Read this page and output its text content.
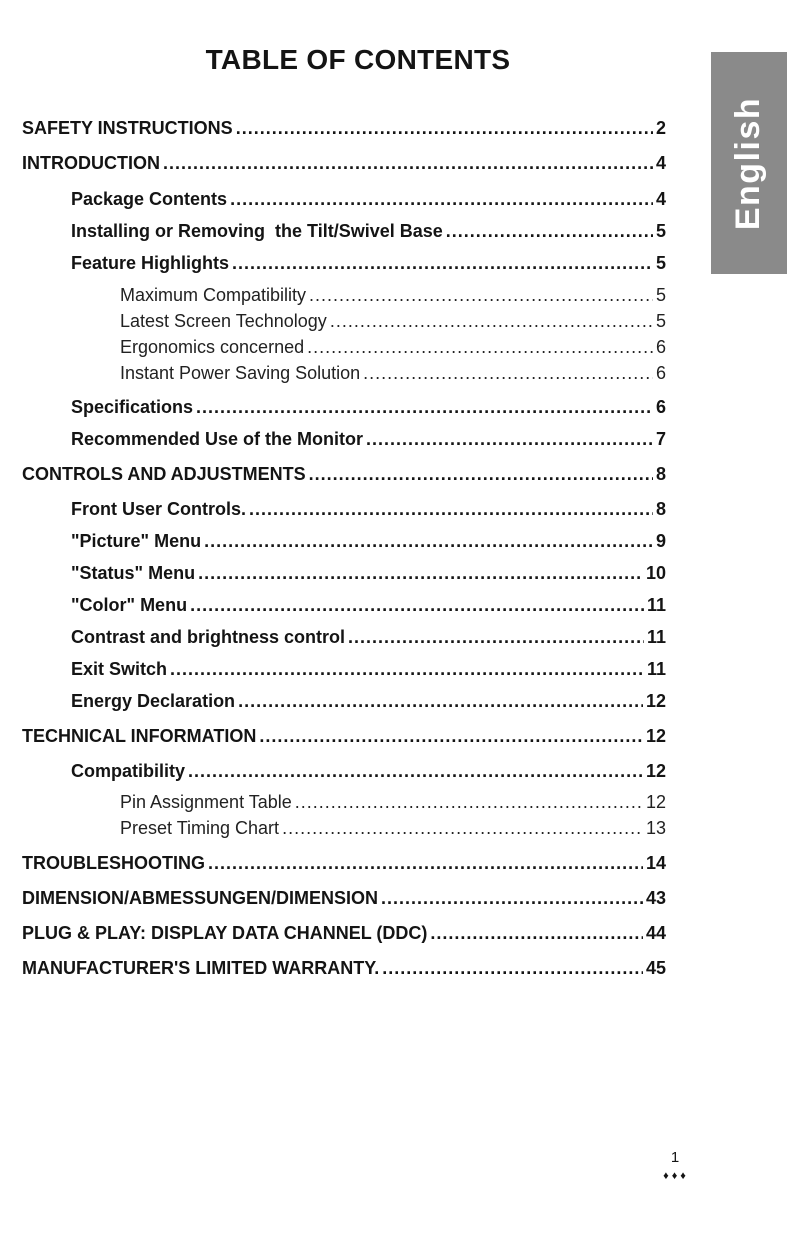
TABLE OF CONTENTS
English
SAFETY INSTRUCTIONS .....	2
INTRODUCTION .....	4
Package Contents .....	4
Installing or Removing  the Tilt/Swivel Base .....	5
Feature Highlights .....	5
Maximum Compatibility .....	5
Latest Screen Technology .....	5
Ergonomics concerned .....	6
Instant Power Saving Solution .....	6
Specifications .....	6
Recommended Use of the Monitor .....	7
CONTROLS AND ADJUSTMENTS .....	8
Front User Controls. .....	8
"Picture" Menu .....	9
"Status" Menu .....	10
"Color" Menu .....	11
Contrast and brightness control .....	11
Exit Switch .....	11
Energy Declaration .....	12
TECHNICAL INFORMATION .....	12
Compatibility .....	12
Pin Assignment Table .....	12
Preset Timing Chart .....	13
TROUBLESHOOTING .....	14
DIMENSION/ABMESSUNGEN/DIMENSION .....	43
PLUG & PLAY: DISPLAY DATA CHANNEL (DDC) .....	44
MANUFACTURER'S LIMITED WARRANTY. .....	45
1
♦♦♦
